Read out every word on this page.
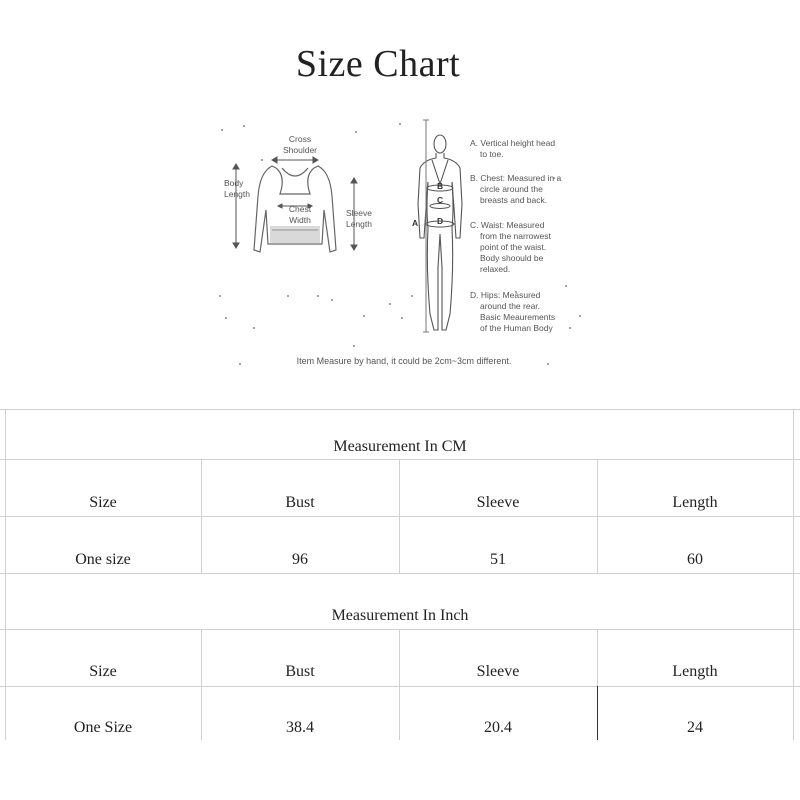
Size Chart
Cross
Shoulder
Body
Length
Chest
Width
Sleeve
Length	A
B
C
D
A. Vertical height head
to toe.
B. Chest: Measured in a
circle around the
breasts and back.
C. Waist: Measured
from the narrowest
point of the waist.
Body shoould be
relaxed.
D. Hips: Measured
around the rear.
Basic Meaurements
of the Human Body
Item Measure by hand, it could be 2cm~3cm different.
Measurement In CM
Size	Bust	Sleeve	Length
One size	96	51	60
Measurement In Inch
Size	Bust	Sleeve	Length
One Size	38.4	20.4	24
